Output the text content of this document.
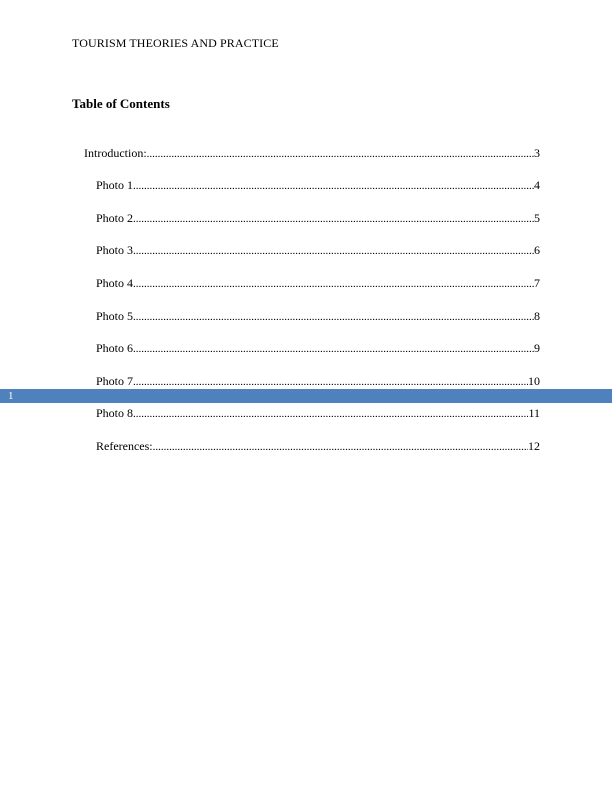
TOURISM THEORIES AND PRACTICE
Table of Contents
Introduction: .....	3
Photo 1 .....	4
Photo 2 .....	5
Photo 3 .....	6
Photo 4 .....	7
Photo 5 .....	8
Photo 6 .....	9
Photo 7 .....	10
1
Photo 8 .....	11
References: .....	12
